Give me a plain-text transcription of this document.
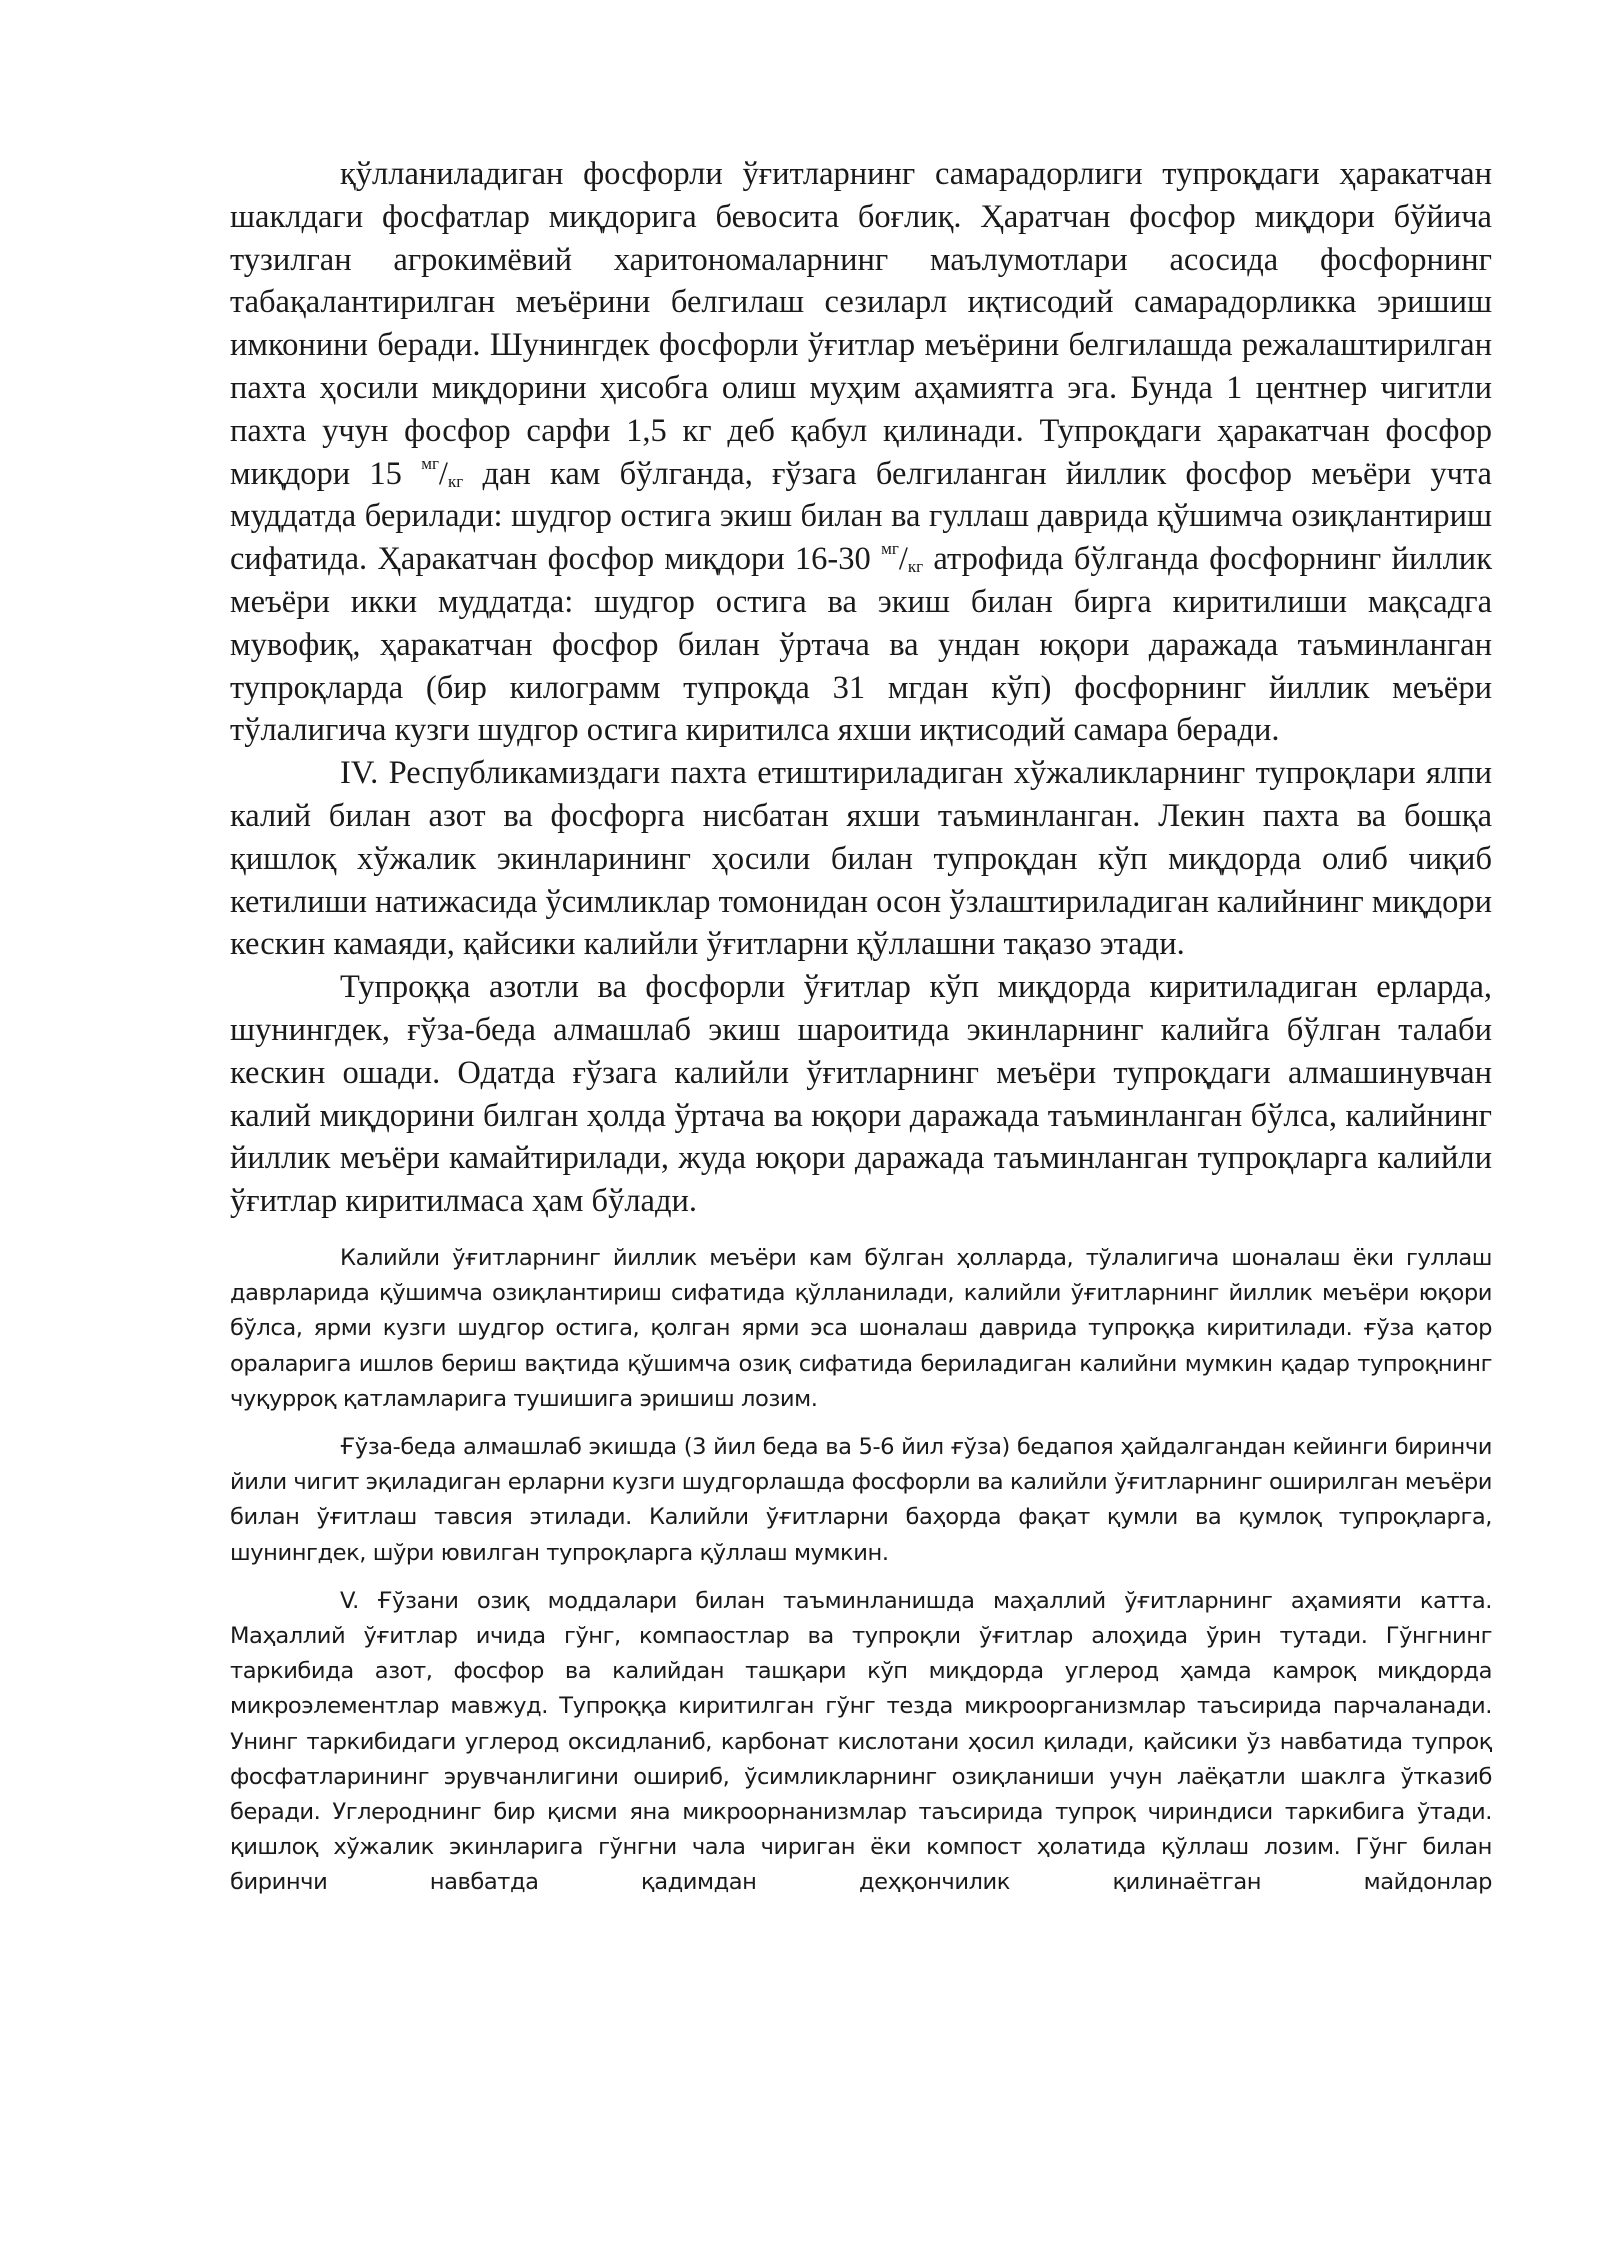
қўлланиладиган фосфорли ўғитларнинг самарадорлиги тупроқдаги ҳаракатчан шаклдаги фосфатлар миқдорига бевосита боғлиқ. Ҳаратчан фосфор миқдори бўйича тузилган агрокимёвий харитономаларнинг маълумотлари асосида фосфорнинг табақалантирилган меъёрини белгилаш сезиларл иқтисодий самарадорликка эришиш имконини беради. Шунингдек фосфорли ўғитлар меъёрини белгилашда режалаштирилган пахта ҳосили миқдорини ҳисобга олиш муҳим аҳамиятга эга. Бунда 1 центнер чигитли пахта учун фосфор сарфи 1,5 кг деб қабул қилинади. Тупроқдаги ҳаракатчан фосфор миқдори 15 $^{мг}/_{кг}$ дан кам бўлганда, ғўзага белгиланган йиллик фосфор меъёри учта муддатда берилади: шудгор остига экиш билан ва гуллаш даврида қўшимча озиқлантириш сифатида. Ҳаракатчан фосфор миқдори 16-30 $^{мг}/_{кг}$ атрофида бўлганда фосфорнинг йиллик меъёри икки муддатда: шудгор остига ва экиш билан бирга киритилиши мақсадга мувофиқ, ҳаракатчан фосфор билан ўртача ва ундан юқори даражада таъминланган тупроқларда (бир килограмм тупроқда 31 мгдан кўп) фосфорнинг йиллик меъёри тўлалигича кузги шудгор остига киритилса яхши иқтисодий самара беради.

IV. Республикамиздаги пахта етиштириладиган хўжаликларнинг тупроқлари ялпи калий билан азот ва фосфорга нисбатан яхши таъминланган. Лекин пахта ва бошқа қишлоқ хўжалик экинларининг ҳосили билан тупроқдан кўп миқдорда олиб чиқиб кетилиши натижасида ўсимликлар томонидан осон ўзлаштириладиган калийнинг миқдори кескин камаяди, қайсики калийли ўғитларни қўллашни тақазо этади.

Тупроққа азотли ва фосфорли ўғитлар кўп миқдорда киритиладиган ерларда, шунингдек, ғўза-беда алмашлаб экиш шароитида экинларнинг калийга бўлган талаби кескин ошади. Одатда ғўзага калийли ўғитларнинг меъёри тупроқдаги алмашинувчан калий миқдорини билган ҳолда ўртача ва юқори даражада таъминланган бўлса, калийнинг йиллик меъёри камайтирилади, жуда юқори даражада таъминланган тупроқларга калийли ўғитлар киритилмаса ҳам бўлади.

Калийли ўғитларнинг йиллик меъёри кам бўлган ҳолларда, тўлалигича шоналаш ёки гуллаш даврларида қўшимча озиқлантириш сифатида қўлланилади, калийли ўғитларнинг йиллик меъёри юқори бўлса, ярми кузги шудгор остига, қолган ярми эса шоналаш даврида тупроққа киритилади. ғўза қатор ораларига ишлов бериш вақтида қўшимча озиқ сифатида бериладиган калийни мумкин қадар тупроқнинг чуқурроқ қатламларига тушишига эришиш лозим.

Ғўза-беда алмашлаб экишда (3 йил беда ва 5-6 йил ғўза) бедапоя ҳайдалгандан кейинги биринчи йили чигит эқиладиган ерларни кузги шудгорлашда фосфорли ва калийли ўғитларнинг оширилган меъёри билан ўғитлаш тавсия этилади. Калийли ўғитларни баҳорда фақат қумли ва қумлоқ тупроқларга, шунингдек, шўри ювилган тупроқларга қўллаш мумкин.

V. Ғўзани озиқ моддалари билан таъминланишда маҳаллий ўғитларнинг аҳамияти катта. Маҳаллий ўғитлар ичида гўнг, компаостлар ва тупроқли ўғитлар алоҳида ўрин тутади. Гўнгнинг таркибида азот, фосфор ва калийдан ташқари кўп миқдорда углерод ҳамда камроқ миқдорда микроэлементлар мавжуд. Тупроққа киритилган гўнг тезда микроорганизмлар таъсирида парчаланади. Унинг таркибидаги углерод оксидланиб, карбонат кислотани ҳосил қилади, қайсики ўз навбатида тупроқ фосфатларининг эрувчанлигини ошириб, ўсимликларнинг озиқланиши учун лаёқатли шаклга ўтказиб беради. Углероднинг бир қисми яна микроорнанизмлар таъсирида тупроқ чириндиси таркибига ўтади. қишлоқ хўжалик экинларига гўнгни чала чириган ёки компост ҳолатида қўллаш лозим. Гўнг билан биринчи навбатда қадимдан деҳқончилик қилинаётган майдонлар
